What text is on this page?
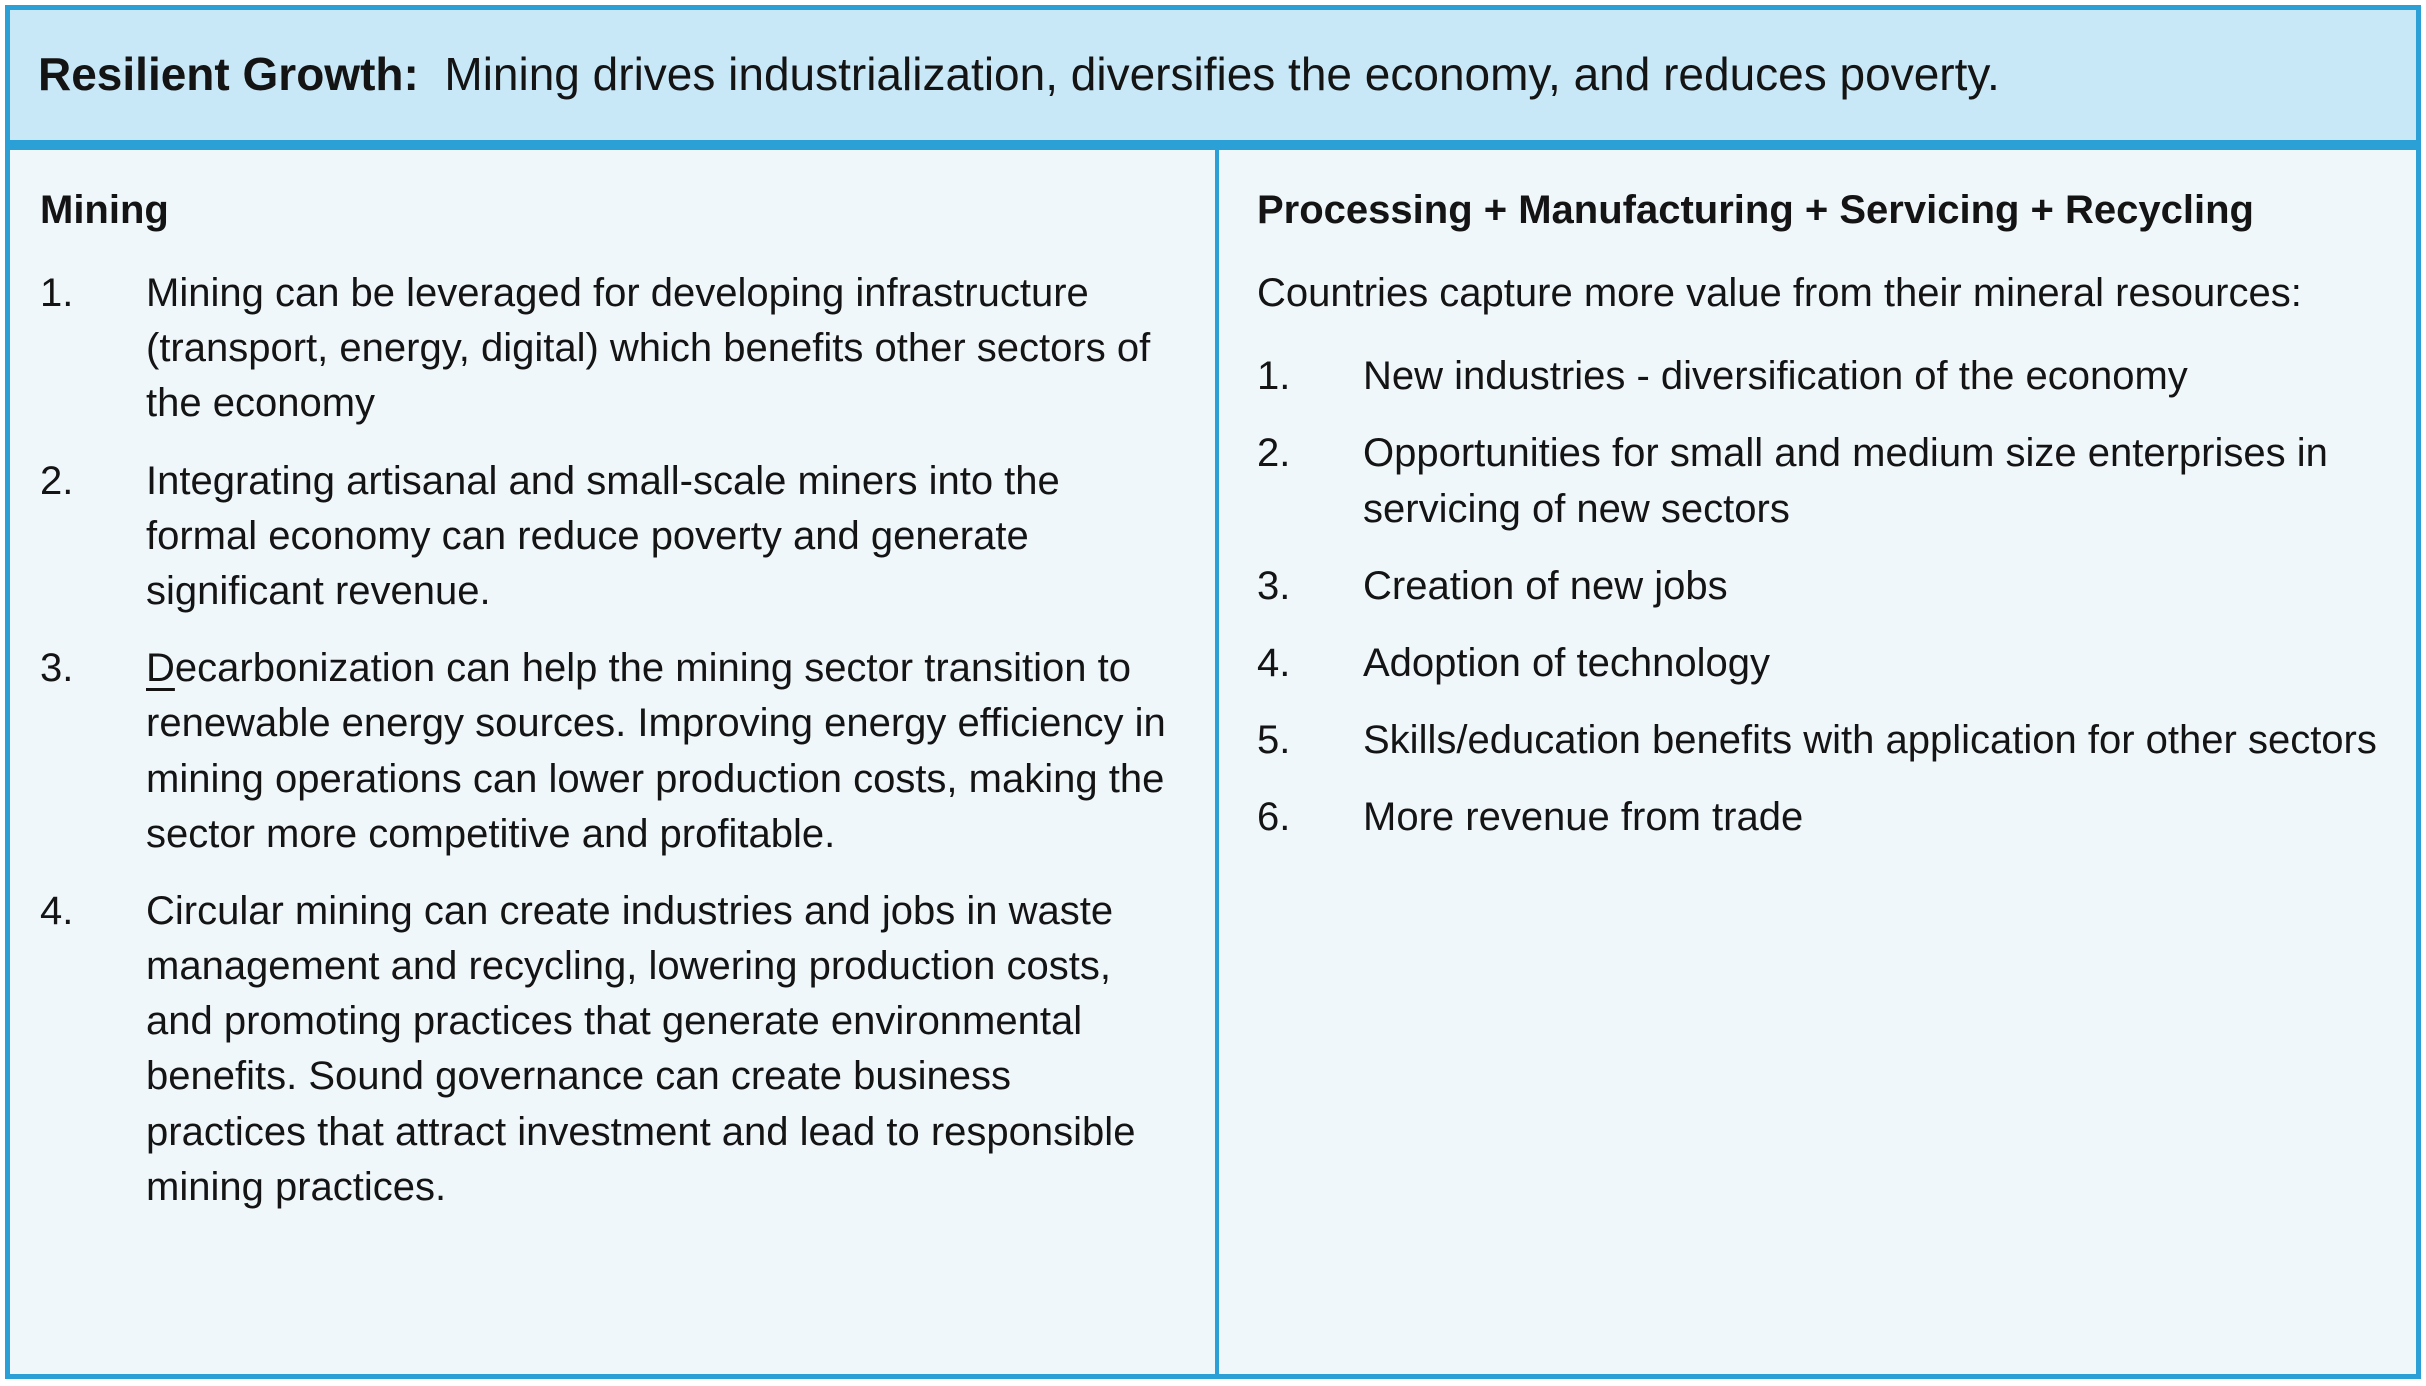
Resilient Growth: Mining drives industrialization, diversifies the economy, and reduces poverty.
Mining
1.	Mining can be leveraged for developing infrastructure (transport, energy, digital) which benefits other sectors of the economy
2.	Integrating artisanal and small-scale miners into the formal economy can reduce poverty and generate significant revenue.
3.	Decarbonization can help the mining sector transition to renewable energy sources. Improving energy efficiency in mining operations can lower production costs, making the sector more competitive and profitable.
4.	Circular mining can create industries and jobs in waste management and recycling, lowering production costs, and promoting practices that generate environmental benefits. Sound governance can create business practices that attract investment and lead to responsible mining practices.
Processing + Manufacturing + Servicing + Recycling

Countries capture more value from their mineral resources:

1.	New industries - diversification of the economy
2.	Opportunities for small and medium size enterprises in servicing of new sectors
3.	Creation of new jobs
4.	Adoption of technology
5.	Skills/education benefits with application for other sectors
6.	More revenue from trade
